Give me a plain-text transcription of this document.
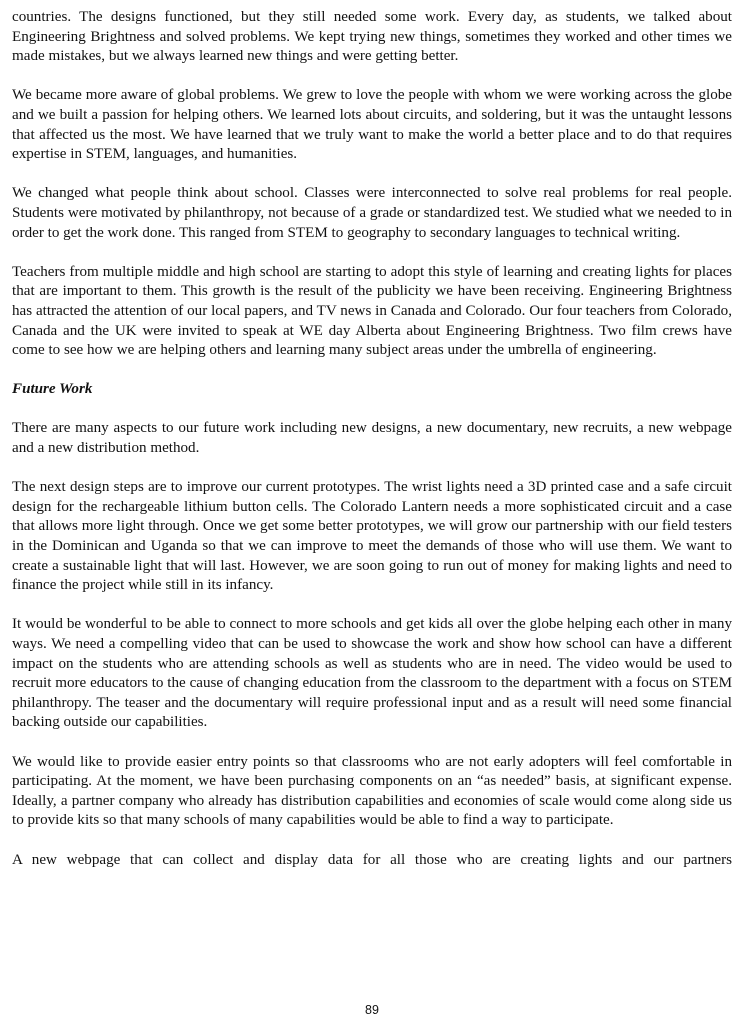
countries. The designs functioned, but they still needed some work. Every day, as students, we talked about Engineering Brightness and solved problems. We kept trying new things, sometimes they worked and other times we made mistakes, but we always learned new things and were getting better.

We became more aware of global problems. We grew to love the people with whom we were working across the globe and we built a passion for helping others. We learned lots about circuits, and soldering, but it was the untaught lessons that affected us the most. We have learned that we truly want to make the world a better place and to do that requires expertise in STEM, languages, and humanities.

We changed what people think about school. Classes were interconnected to solve real problems for real people. Students were motivated by philanthropy, not because of a grade or standardized test. We studied what we needed to in order to get the work done. This ranged from STEM to geography to secondary languages to technical writing.

Teachers from multiple middle and high school are starting to adopt this style of learning and creating lights for places that are important to them. This growth is the result of the publicity we have been receiving. Engineering Brightness has attracted the attention of our local papers, and TV news in Canada and Colorado. Our four teachers from Colorado, Canada and the UK were invited to speak at WE day Alberta about Engineering Brightness. Two film crews have come to see how we are helping others and learning many subject areas under the umbrella of engineering.

Future Work

There are many aspects to our future work including new designs, a new documentary, new recruits, a new webpage and a new distribution method.

The next design steps are to improve our current prototypes. The wrist lights need a 3D printed case and a safe circuit design for the rechargeable lithium button cells. The Colorado Lantern needs a more sophisticated circuit and a case that allows more light through. Once we get some better prototypes, we will grow our partnership with our field testers in the Dominican and Uganda so that we can improve to meet the demands of those who will use them. We want to create a sustainable light that will last. However, we are soon going to run out of money for making lights and need to finance the project while still in its infancy.

It would be wonderful to be able to connect to more schools and get kids all over the globe helping each other in many ways. We need a compelling video that can be used to showcase the work and show how school can have a different impact on the students who are attending schools as well as students who are in need. The video would be used to recruit more educators to the cause of changing education from the classroom to the department with a focus on STEM philanthropy. The teaser and the documentary will require professional input and as a result will need some financial backing outside our capabilities.

We would like to provide easier entry points so that classrooms who are not early adopters will feel comfortable in participating. At the moment, we have been purchasing components on an “as needed” basis, at significant expense. Ideally, a partner company who already has distribution capabilities and economies of scale would come along side us to provide kits so that many schools of many capabilities would be able to find a way to participate.

A new webpage that can collect and display data for all those who are creating lights and our partners

89
